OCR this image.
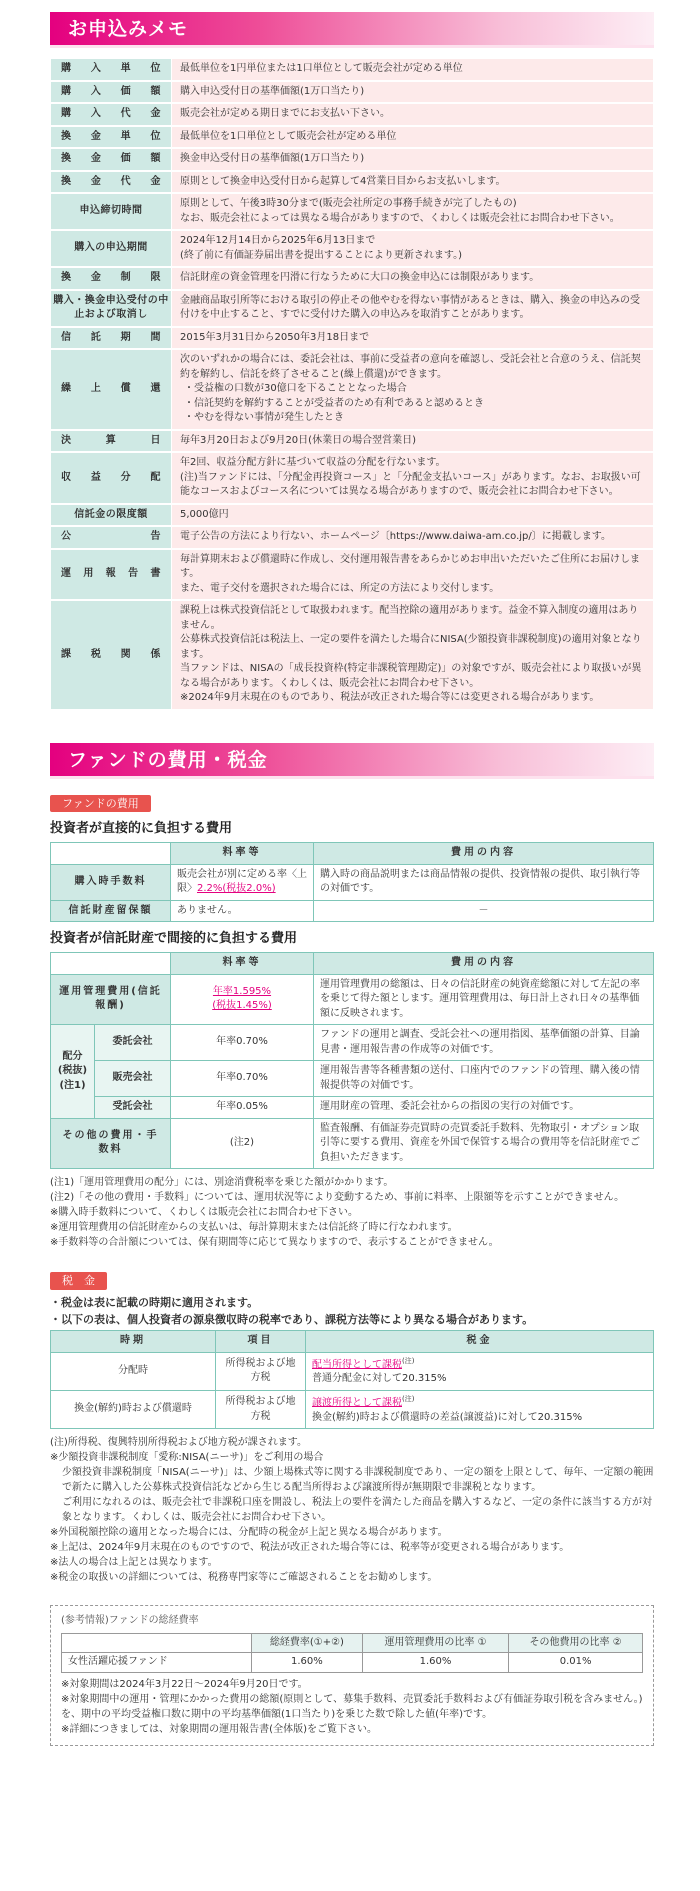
お申込みメモ
購入単位	最低単位を1円単位または1口単位として販売会社が定める単位

購入価額	購入申込受付日の基準価額(1万口当たり)

購入代金	販売会社が定める期日までにお支払い下さい。

換金単位	最低単位を1口単位として販売会社が定める単位

換金価額	換金申込受付日の基準価額(1万口当たり)

換金代金	原則として換金申込受付日から起算して4営業日目からお支払いします。

申込締切時間	原則として、午後3時30分まで(販売会社所定の事務手続きが完了したもの)
なお、販売会社によっては異なる場合がありますので、くわしくは販売会社にお問合わせ下さい。

購入の申込期間	2024年12月14日から2025年6月13日まで
(終了前に有価証券届出書を提出することにより更新されます。)

換金制限	信託財産の資金管理を円滑に行なうために大口の換金申込には制限があります。

購入・換金申込受付の中止および取消し	金融商品取引所等における取引の停止その他やむを得ない事情があるときは、購入、換金の申込みの受付けを中止すること、すでに受付けた購入の申込みを取消すことがあります。

信託期間	2015年3月31日から2050年3月18日まで

繰上償還	次のいずれかの場合には、委託会社は、事前に受益者の意向を確認し、受託会社と合意のうえ、信託契約を解約し、信託を終了させること(繰上償還)ができます。
・受益権の口数が30億口を下ることとなった場合
・信託契約を解約することが受益者のため有利であると認めるとき
・やむを得ない事情が発生したとき

決算日	毎年3月20日および9月20日(休業日の場合翌営業日)

収益分配	年2回、収益分配方針に基づいて収益の分配を行ないます。
(注)当ファンドには、「分配金再投資コース」と「分配金支払いコース」があります。なお、お取扱い可能なコースおよびコース名については異なる場合がありますので、販売会社にお問合わせ下さい。

信託金の限度額	5,000億円

公告	電子公告の方法により行ない、ホームページ〔https://www.daiwa-am.co.jp/〕に掲載します。

運用報告書	毎計算期末および償還時に作成し、交付運用報告書をあらかじめお申出いただいたご住所にお届けします。
また、電子交付を選択された場合には、所定の方法により交付します。

課税関係	課税上は株式投資信託として取扱われます。配当控除の適用があります。益金不算入制度の適用はありません。
公募株式投資信託は税法上、一定の要件を満たした場合にNISA(少額投資非課税制度)の適用対象となります。
当ファンドは、NISAの「成長投資枠(特定非課税管理勘定)」の対象ですが、販売会社により取扱いが異なる場合があります。くわしくは、販売会社にお問合わせ下さい。
※2024年9月末現在のものであり、税法が改正された場合等には変更される場合があります。
ファンドの費用・税金
ファンドの費用
投資者が直接的に負担する費用
	料率等	費用の内容
購入時手数料	販売会社が別に定める率〈上限〉2.2%(税抜2.0%)	購入時の商品説明または商品情報の提供、投資情報の提供、取引執行等の対価です。
信託財産留保額	ありません。	－
投資者が信託財産で間接的に負担する費用
		料率等	費用の内容
運用管理費用(信託報酬)		年率1.595%
(税抜1.45%)	運用管理費用の総額は、日々の信託財産の純資産総額に対して左記の率を乗じて得た額とします。運用管理費用は、毎日計上され日々の基準価額に反映されます。
配分(税抜)(注1)	委託会社	年率0.70%	ファンドの運用と調査、受託会社への運用指図、基準価額の計算、目論見書・運用報告書の作成等の対価です。
	販売会社	年率0.70%	運用報告書等各種書類の送付、口座内でのファンドの管理、購入後の情報提供等の対価です。
	受託会社	年率0.05%	運用財産の管理、委託会社からの指図の実行の対価です。
その他の費用・手数料		(注2)	監査報酬、有価証券売買時の売買委託手数料、先物取引・オプション取引等に要する費用、資産を外国で保管する場合の費用等を信託財産でご負担いただきます。

(注1)「運用管理費用の配分」には、別途消費税率を乗じた額がかかります。

(注2)「その他の費用・手数料」については、運用状況等により変動するため、事前に料率、上限額等を示すことができません。

※購入時手数料について、くわしくは販売会社にお問合わせ下さい。

※運用管理費用の信託財産からの支払いは、毎計算期末または信託終了時に行なわれます。

※手数料等の合計額については、保有期間等に応じて異なりますので、表示することができません。

税　金

・税金は表に記載の時期に適用されます。

・以下の表は、個人投資者の源泉徴収時の税率であり、課税方法等により異なる場合があります。

時期	項目	税金
分配時	所得税および地方税	配当所得として課税$^{(注)}$
普通分配金に対して20.315%

換金(解約)時および償還時	所得税および地方税	譲渡所得として課税$^{(注)}$
換金(解約)時および償還時の差益(譲渡益)に対して20.315%

(注)所得税、復興特別所得税および地方税が課されます。

※少額投資非課税制度「愛称:NISA(ニーサ)」をご利用の場合

少額投資非課税制度「NISA(ニーサ)」は、少額上場株式等に関する非課税制度であり、一定の額を上限として、毎年、一定額の範囲で新たに購入した公募株式投資信託などから生じる配当所得および譲渡所得が無期限で非課税となります。

ご利用になれるのは、販売会社で非課税口座を開設し、税法上の要件を満たした商品を購入するなど、一定の条件に該当する方が対象となります。くわしくは、販売会社にお問合わせ下さい。

※外国税額控除の適用となった場合には、分配時の税金が上記と異なる場合があります。

※上記は、2024年9月末現在のものですので、税法が改正された場合等には、税率等が変更される場合があります。

※法人の場合は上記とは異なります。

※税金の取扱いの詳細については、税務専門家等にご確認されることをお勧めします。

(参考情報)ファンドの総経費率
	総経費率(①+②)	運用管理費用の比率 ①	その他費用の比率 ②
女性活躍応援ファンド	1.60%	1.60%	0.01%

※対象期間は2024年3月22日～2024年9月20日です。

※対象期間中の運用・管理にかかった費用の総額(原則として、募集手数料、売買委託手数料および有価証券取引税を含みません。)を、期中の平均受益権口数に期中の平均基準価額(1口当たり)を乗じた数で除した値(年率)です。

※詳細につきましては、対象期間の運用報告書(全体版)をご覧下さい。
